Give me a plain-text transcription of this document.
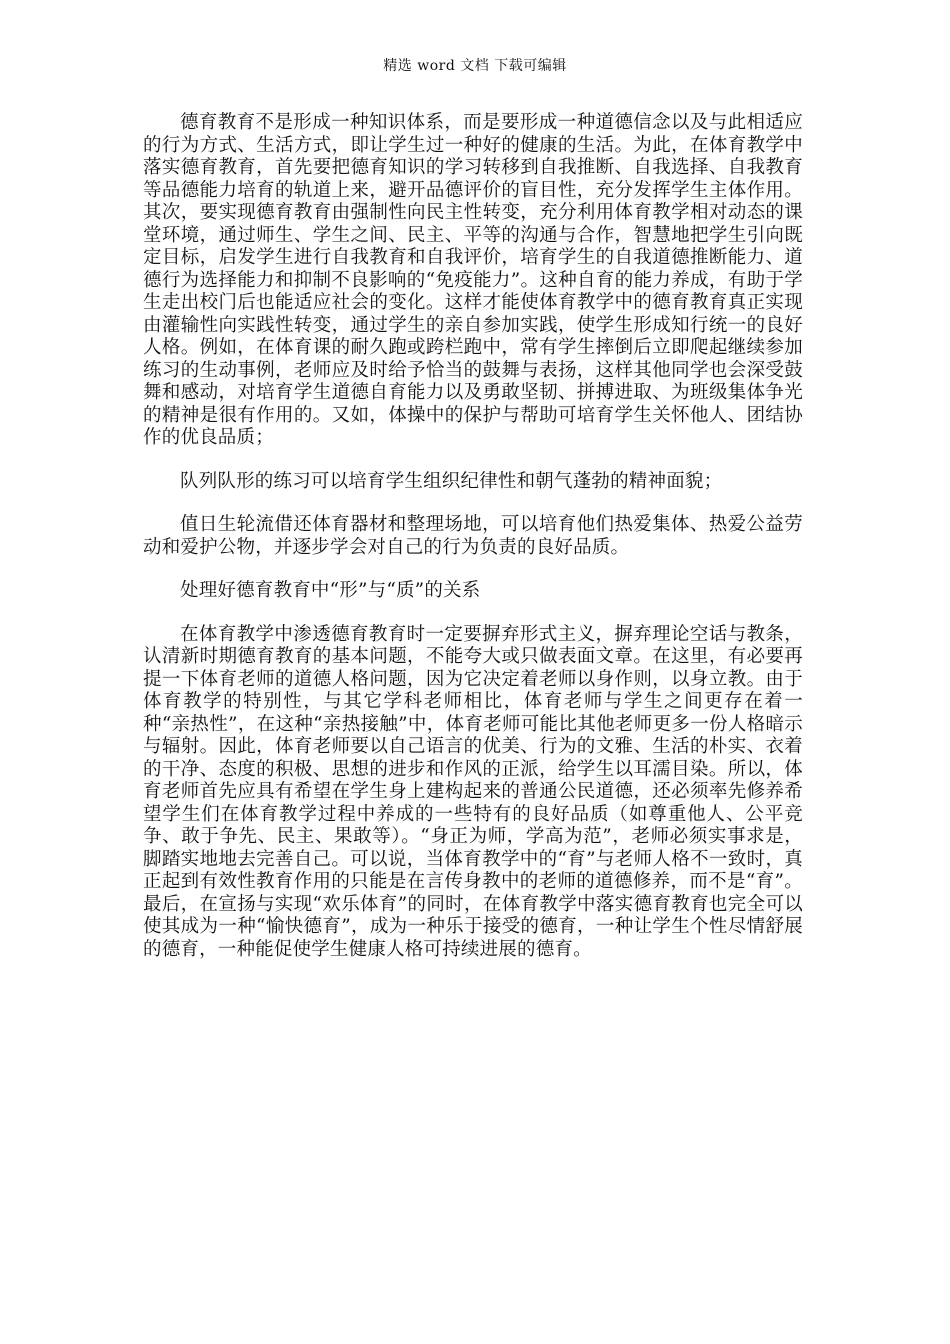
精选 word 文档 下载可编辑

德育教育不是形成一种知识体系，而是要形成一种道德信念以及与此相适应的行为方式、生活方式，即让学生过一种好的健康的生活。为此，在体育教学中落实德育教育，首先要把德育知识的学习转移到自我推断、自我选择、自我教育等品德能力培育的轨道上来，避开品德评价的盲目性，充分发挥学生主体作用。其次，要实现德育教育由强制性向民主性转变，充分利用体育教学相对动态的课堂环境，通过师生、学生之间、民主、平等的沟通与合作，智慧地把学生引向既定目标，启发学生进行自我教育和自我评价，培育学生的自我道德推断能力、道德行为选择能力和抑制不良影响的“免疫能力”。这种自育的能力养成，有助于学生走出校门后也能适应社会的变化。这样才能使体育教学中的德育教育真正实现由灌输性向实践性转变，通过学生的亲自参加实践，使学生形成知行统一的良好人格。例如，在体育课的耐久跑或跨栏跑中，常有学生摔倒后立即爬起继续参加练习的生动事例，老师应及时给予恰当的鼓舞与表扬，这样其他同学也会深受鼓舞和感动，对培育学生道德自育能力以及勇敢坚韧、拼搏进取、为班级集体争光的精神是很有作用的。又如，体操中的保护与帮助可培育学生关怀他人、团结协作的优良品质；

队列队形的练习可以培育学生组织纪律性和朝气蓬勃的精神面貌；

值日生轮流借还体育器材和整理场地，可以培育他们热爱集体、热爱公益劳动和爱护公物，并逐步学会对自己的行为负责的良好品质。

处理好德育教育中“形”与“质”的关系

在体育教学中渗透德育教育时一定要摒弃形式主义，摒弃理论空话与教条，认清新时期德育教育的基本问题，不能夸大或只做表面文章。在这里，有必要再提一下体育老师的道德人格问题，因为它决定着老师以身作则，以身立教。由于体育教学的特别性，与其它学科老师相比，体育老师与学生之间更存在着一种“亲热性”，在这种“亲热接触”中，体育老师可能比其他老师更多一份人格暗示与辐射。因此，体育老师要以自己语言的优美、行为的文雅、生活的朴实、衣着的干净、态度的积极、思想的进步和作风的正派，给学生以耳濡目染。所以，体育老师首先应具有希望在学生身上建构起来的普通公民道德，还必须率先修养希望学生们在体育教学过程中养成的一些特有的良好品质（如尊重他人、公平竞争、敢于争先、民主、果敢等）。“身正为师，学高为范”，老师必须实事求是，脚踏实地地去完善自己。可以说，当体育教学中的“育”与老师人格不一致时，真正起到有效性教育作用的只能是在言传身教中的老师的道德修养，而不是“育”。最后，在宣扬与实现“欢乐体育”的同时，在体育教学中落实德育教育也完全可以使其成为一种“愉快德育”，成为一种乐于接受的德育，一种让学生个性尽情舒展的德育，一种能促使学生健康人格可持续进展的德育。
